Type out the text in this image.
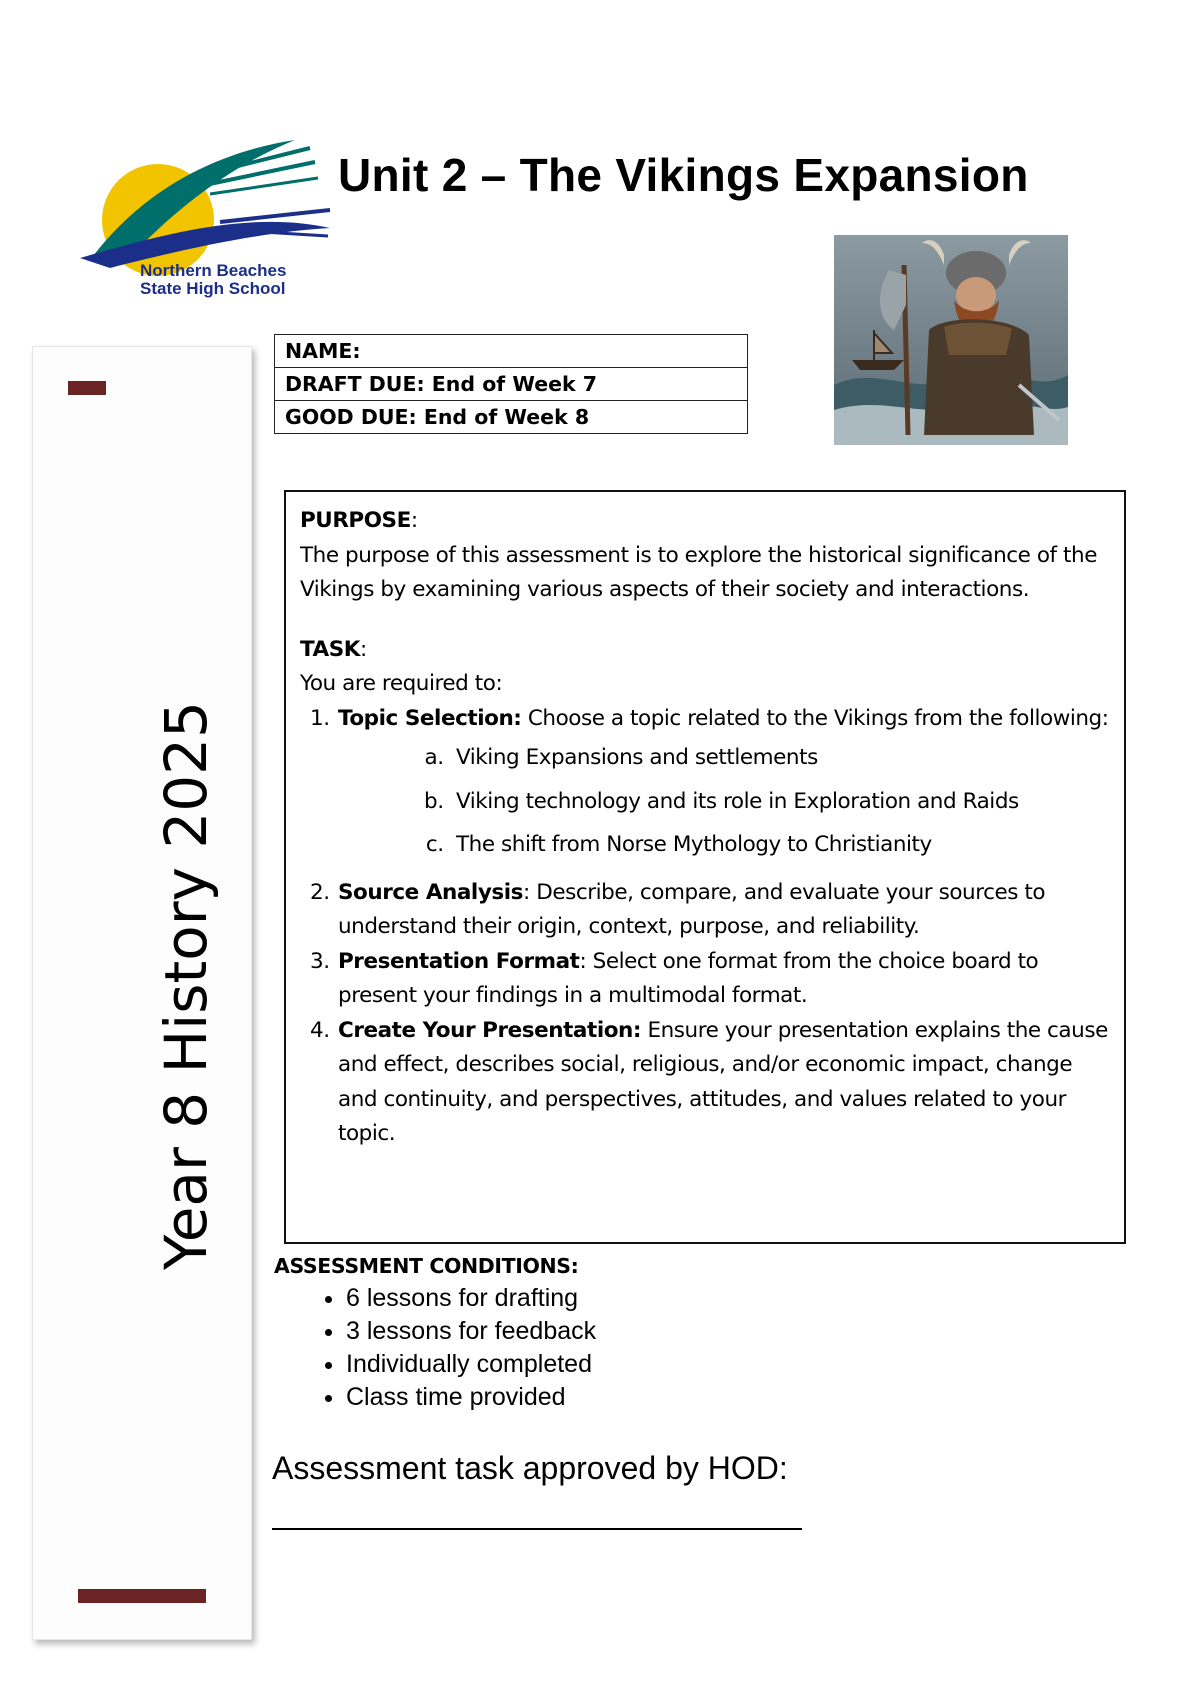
Northern Beaches
State High School
Unit 2 – The Vikings Expansion
Year 8 History 2025
NAME:
DRAFT DUE: End of Week 7
GOOD DUE: End of Week 8

PURPOSE:

The purpose of this assessment is to explore the historical significance of the Vikings by examining various aspects of their society and interactions.

TASK:

You are required to:

1. Topic Selection: Choose a topic related to the Vikings from the following:
a. Viking Expansions and settlements
b. Viking technology and its role in Exploration and Raids
c. The shift from Norse Mythology to Christianity
2. Source Analysis: Describe, compare, and evaluate your sources to understand their origin, context, purpose, and reliability.
3. Presentation Format: Select one format from the choice board to present your findings in a multimodal format.
4. Create Your Presentation: Ensure your presentation explains the cause and effect, describes social, religious, and/or economic impact, change and continuity, and perspectives, attitudes, and values related to your topic.
ASSESSMENT CONDITIONS:
• 6 lessons for drafting
• 3 lessons for feedback
• Individually completed
• Class time provided
Assessment task approved by HOD:
